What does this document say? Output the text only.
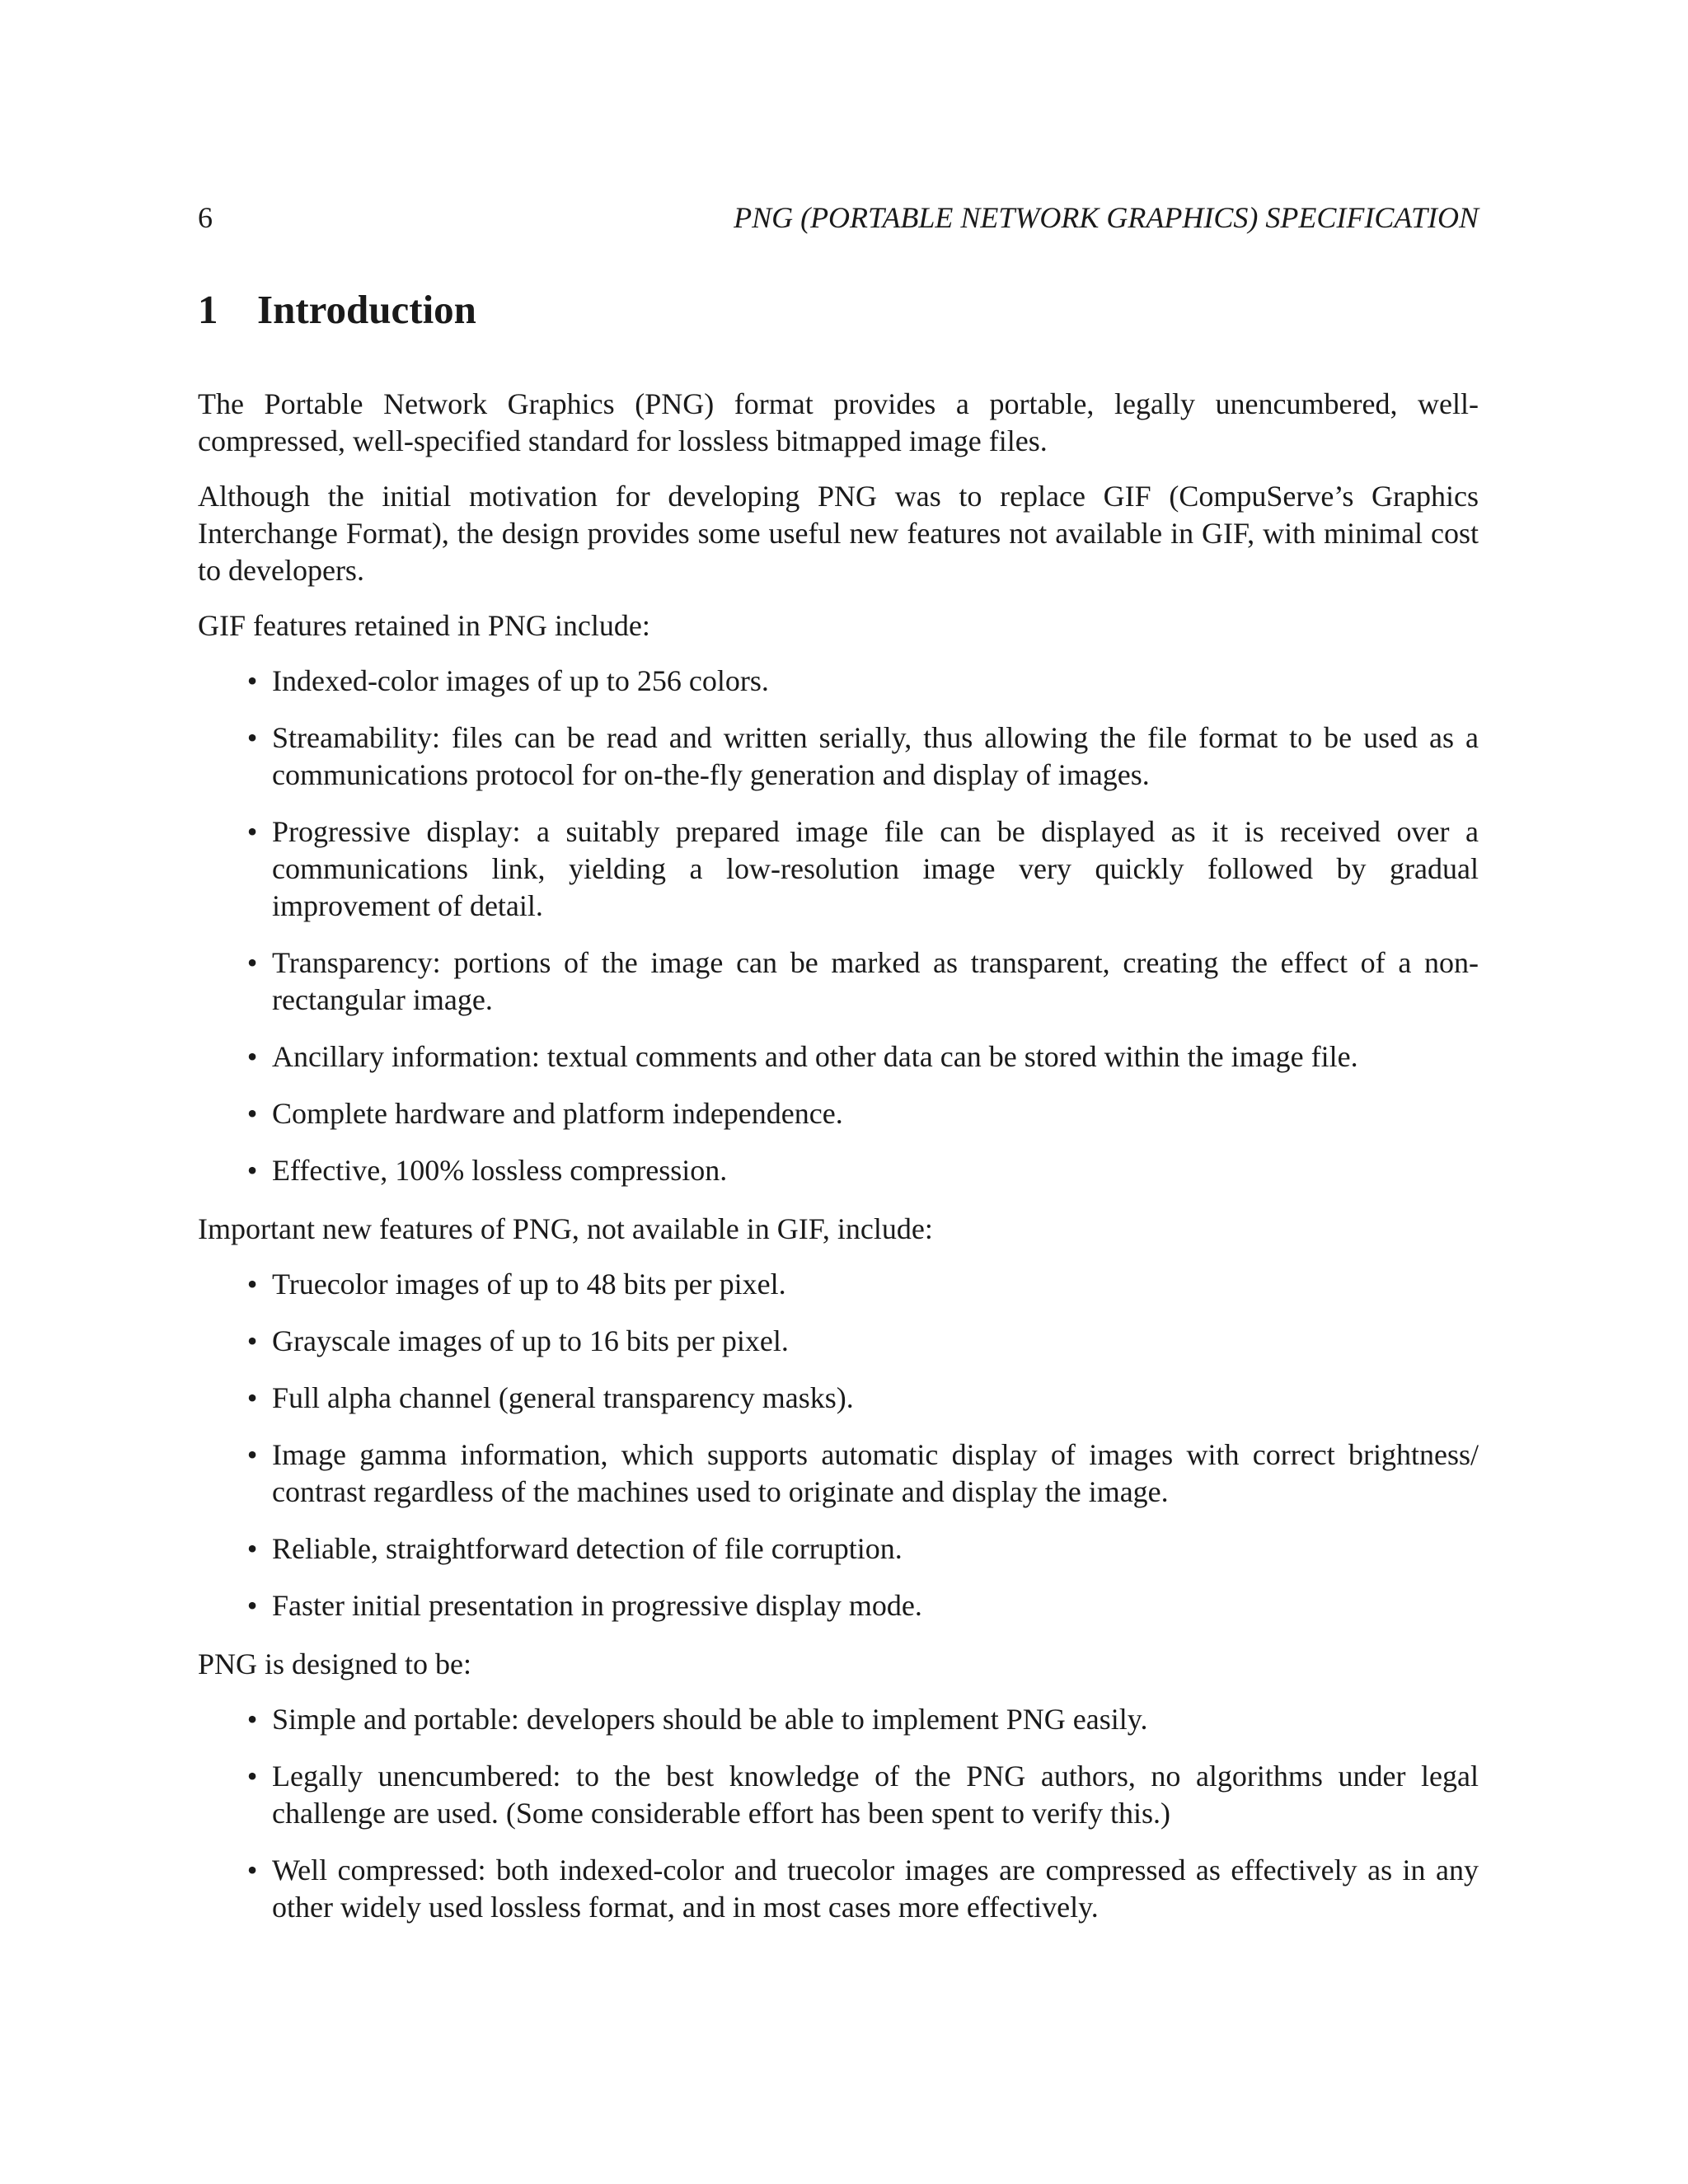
6	PNG (PORTABLE NETWORK GRAPHICS) SPECIFICATION
1 Introduction

The Portable Network Graphics (PNG) format provides a portable, legally unencumbered, well-compressed, well-specified standard for lossless bitmapped image files.

Although the initial motivation for developing PNG was to replace GIF (CompuServe’s Graphics Interchange Format), the design provides some useful new features not available in GIF, with minimal cost to developers.

GIF features retained in PNG include:

• Indexed-color images of up to 256 colors.
• Streamability: files can be read and written serially, thus allowing the file format to be used as a communications protocol for on-the-fly generation and display of images.
• Progressive display: a suitably prepared image file can be displayed as it is received over a communications link, yielding a low-resolution image very quickly followed by gradual improvement of detail.
• Transparency: portions of the image can be marked as transparent, creating the effect of a non-rectangular image.
• Ancillary information: textual comments and other data can be stored within the image file.
• Complete hardware and platform independence.
• Effective, 100% lossless compression.

Important new features of PNG, not available in GIF, include:

• Truecolor images of up to 48 bits per pixel.
• Grayscale images of up to 16 bits per pixel.
• Full alpha channel (general transparency masks).
• Image gamma information, which supports automatic display of images with correct brightness/ contrast regardless of the machines used to originate and display the image.
• Reliable, straightforward detection of file corruption.
• Faster initial presentation in progressive display mode.

PNG is designed to be:

• Simple and portable: developers should be able to implement PNG easily.
• Legally unencumbered: to the best knowledge of the PNG authors, no algorithms under legal challenge are used. (Some considerable effort has been spent to verify this.)
• Well compressed: both indexed-color and truecolor images are compressed as effectively as in any other widely used lossless format, and in most cases more effectively.
